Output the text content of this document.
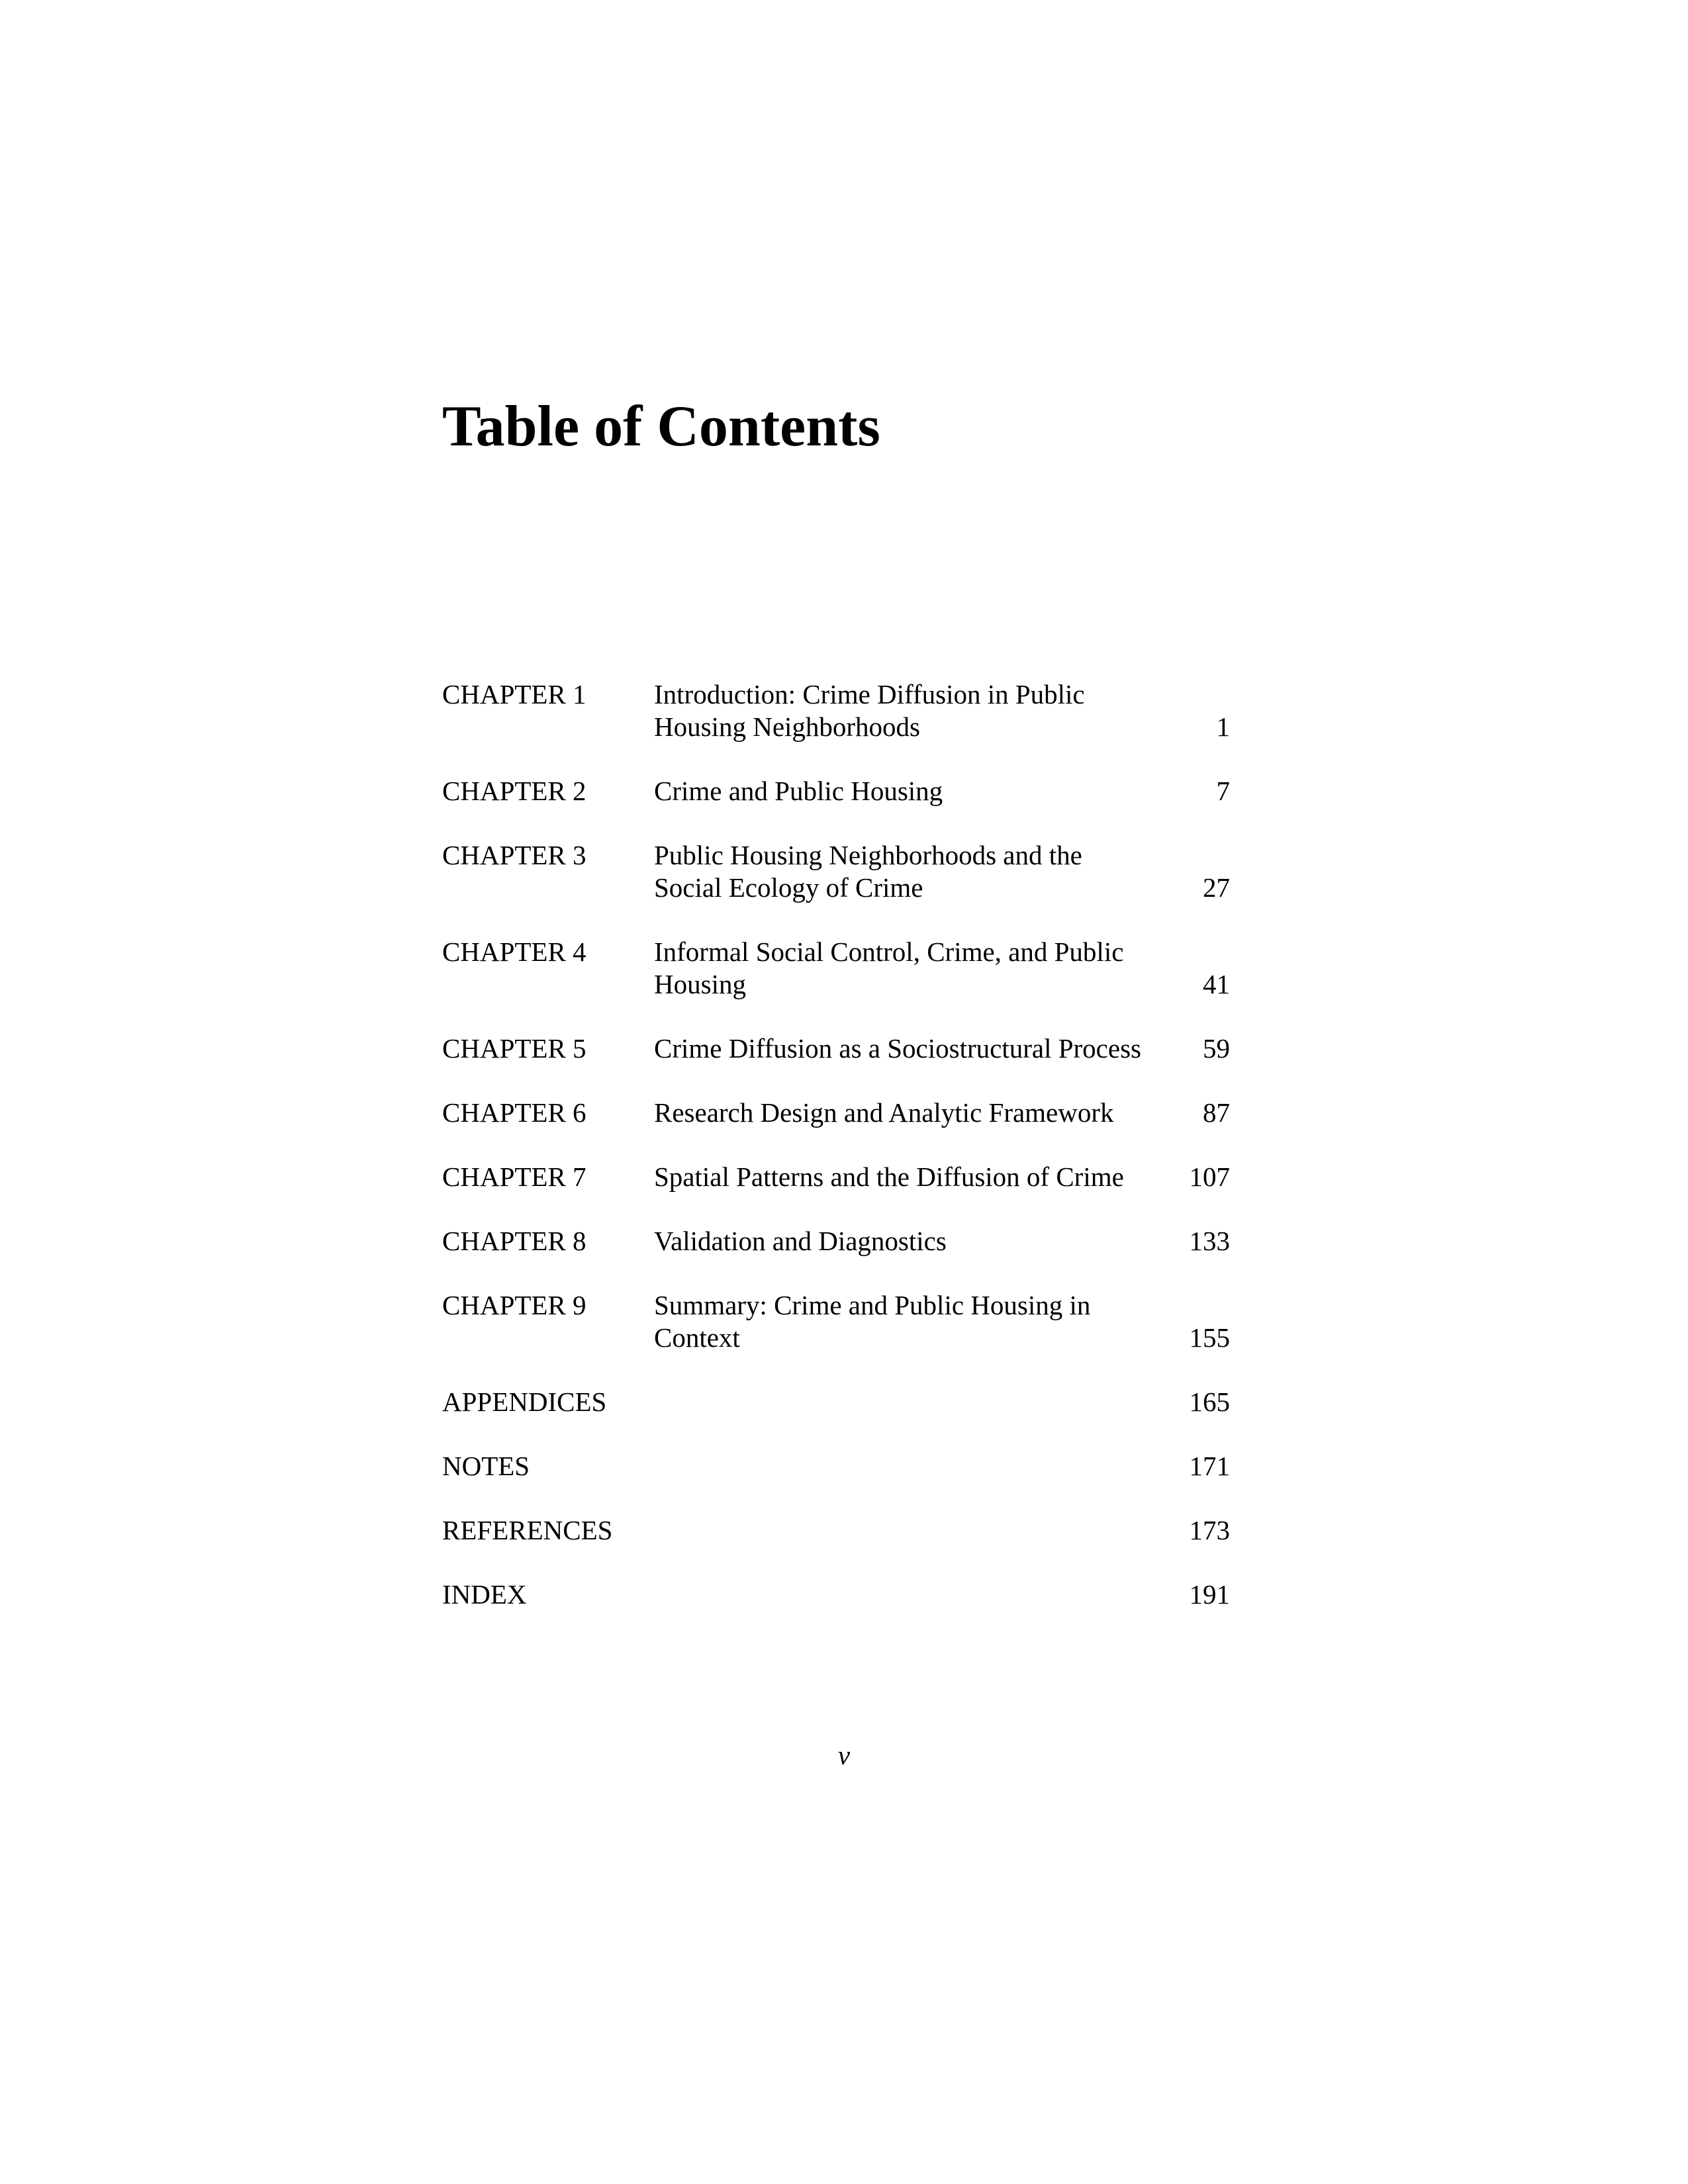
Table of Contents
CHAPTER 1 Introduction: Crime Diffusion in Public
Housing Neighborhoods	1
CHAPTER 2 Crime and Public Housing	7
CHAPTER 3 Public Housing Neighborhoods and the
Social Ecology of Crime	27
CHAPTER 4 Informal Social Control, Crime, and Public
Housing	41
CHAPTER 5 Crime Diffusion as a Sociostructural Process	59
CHAPTER 6 Research Design and Analytic Framework	87
CHAPTER 7 Spatial Patterns and the Diffusion of Crime	107
CHAPTER 8 Validation and Diagnostics	133
CHAPTER 9 Summary: Crime and Public Housing in
Context	155
APPENDICES	165
NOTES	171
REFERENCES	173
INDEX	191
v
